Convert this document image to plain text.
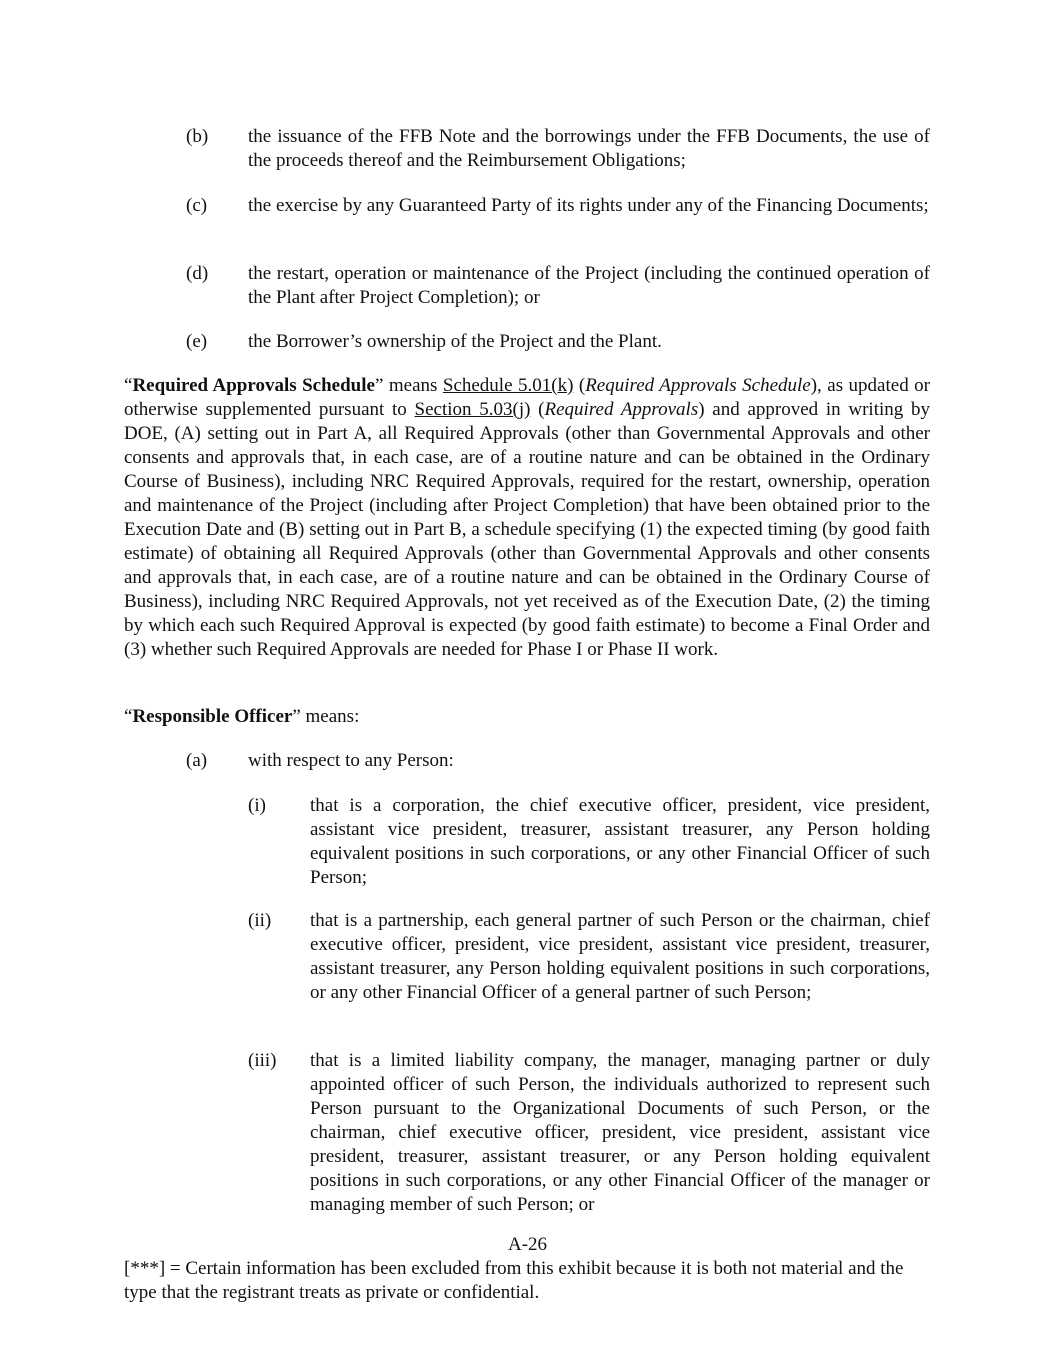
(b) the issuance of the FFB Note and the borrowings under the FFB Documents, the use of the proceeds thereof and the Reimbursement Obligations;
(c) the exercise by any Guaranteed Party of its rights under any of the Financing Documents;
(d) the restart, operation or maintenance of the Project (including the continued operation of the Plant after Project Completion); or
(e) the Borrower’s ownership of the Project and the Plant.
“Required Approvals Schedule” means Schedule 5.01(k) (Required Approvals Schedule), as updated or otherwise supplemented pursuant to Section 5.03(j) (Required Approvals) and approved in writing by DOE, (A) setting out in Part A, all Required Approvals (other than Governmental Approvals and other consents and approvals that, in each case, are of a routine nature and can be obtained in the Ordinary Course of Business), including NRC Required Approvals, required for the restart, ownership, operation and maintenance of the Project (including after Project Completion) that have been obtained prior to the Execution Date and (B) setting out in Part B, a schedule specifying (1) the expected timing (by good faith estimate) of obtaining all Required Approvals (other than Governmental Approvals and other consents and approvals that, in each case, are of a routine nature and can be obtained in the Ordinary Course of Business), including NRC Required Approvals, not yet received as of the Execution Date, (2) the timing by which each such Required Approval is expected (by good faith estimate) to become a Final Order and (3) whether such Required Approvals are needed for Phase I or Phase II work.
“Responsible Officer” means:
(a) with respect to any Person:
(i) that is a corporation, the chief executive officer, president, vice president, assistant vice president, treasurer, assistant treasurer, any Person holding equivalent positions in such corporations, or any other Financial Officer of such Person;
(ii) that is a partnership, each general partner of such Person or the chairman, chief executive officer, president, vice president, assistant vice president, treasurer, assistant treasurer, any Person holding equivalent positions in such corporations, or any other Financial Officer of a general partner of such Person;
(iii) that is a limited liability company, the manager, managing partner or duly appointed officer of such Person, the individuals authorized to represent such Person pursuant to the Organizational Documents of such Person, or the chairman, chief executive officer, president, vice president, assistant vice president, treasurer, assistant treasurer, or any Person holding equivalent positions in such corporations, or any other Financial Officer of the manager or managing member of such Person; or
A-26
[***] = Certain information has been excluded from this exhibit because it is both not material and the type that the registrant treats as private or confidential.
